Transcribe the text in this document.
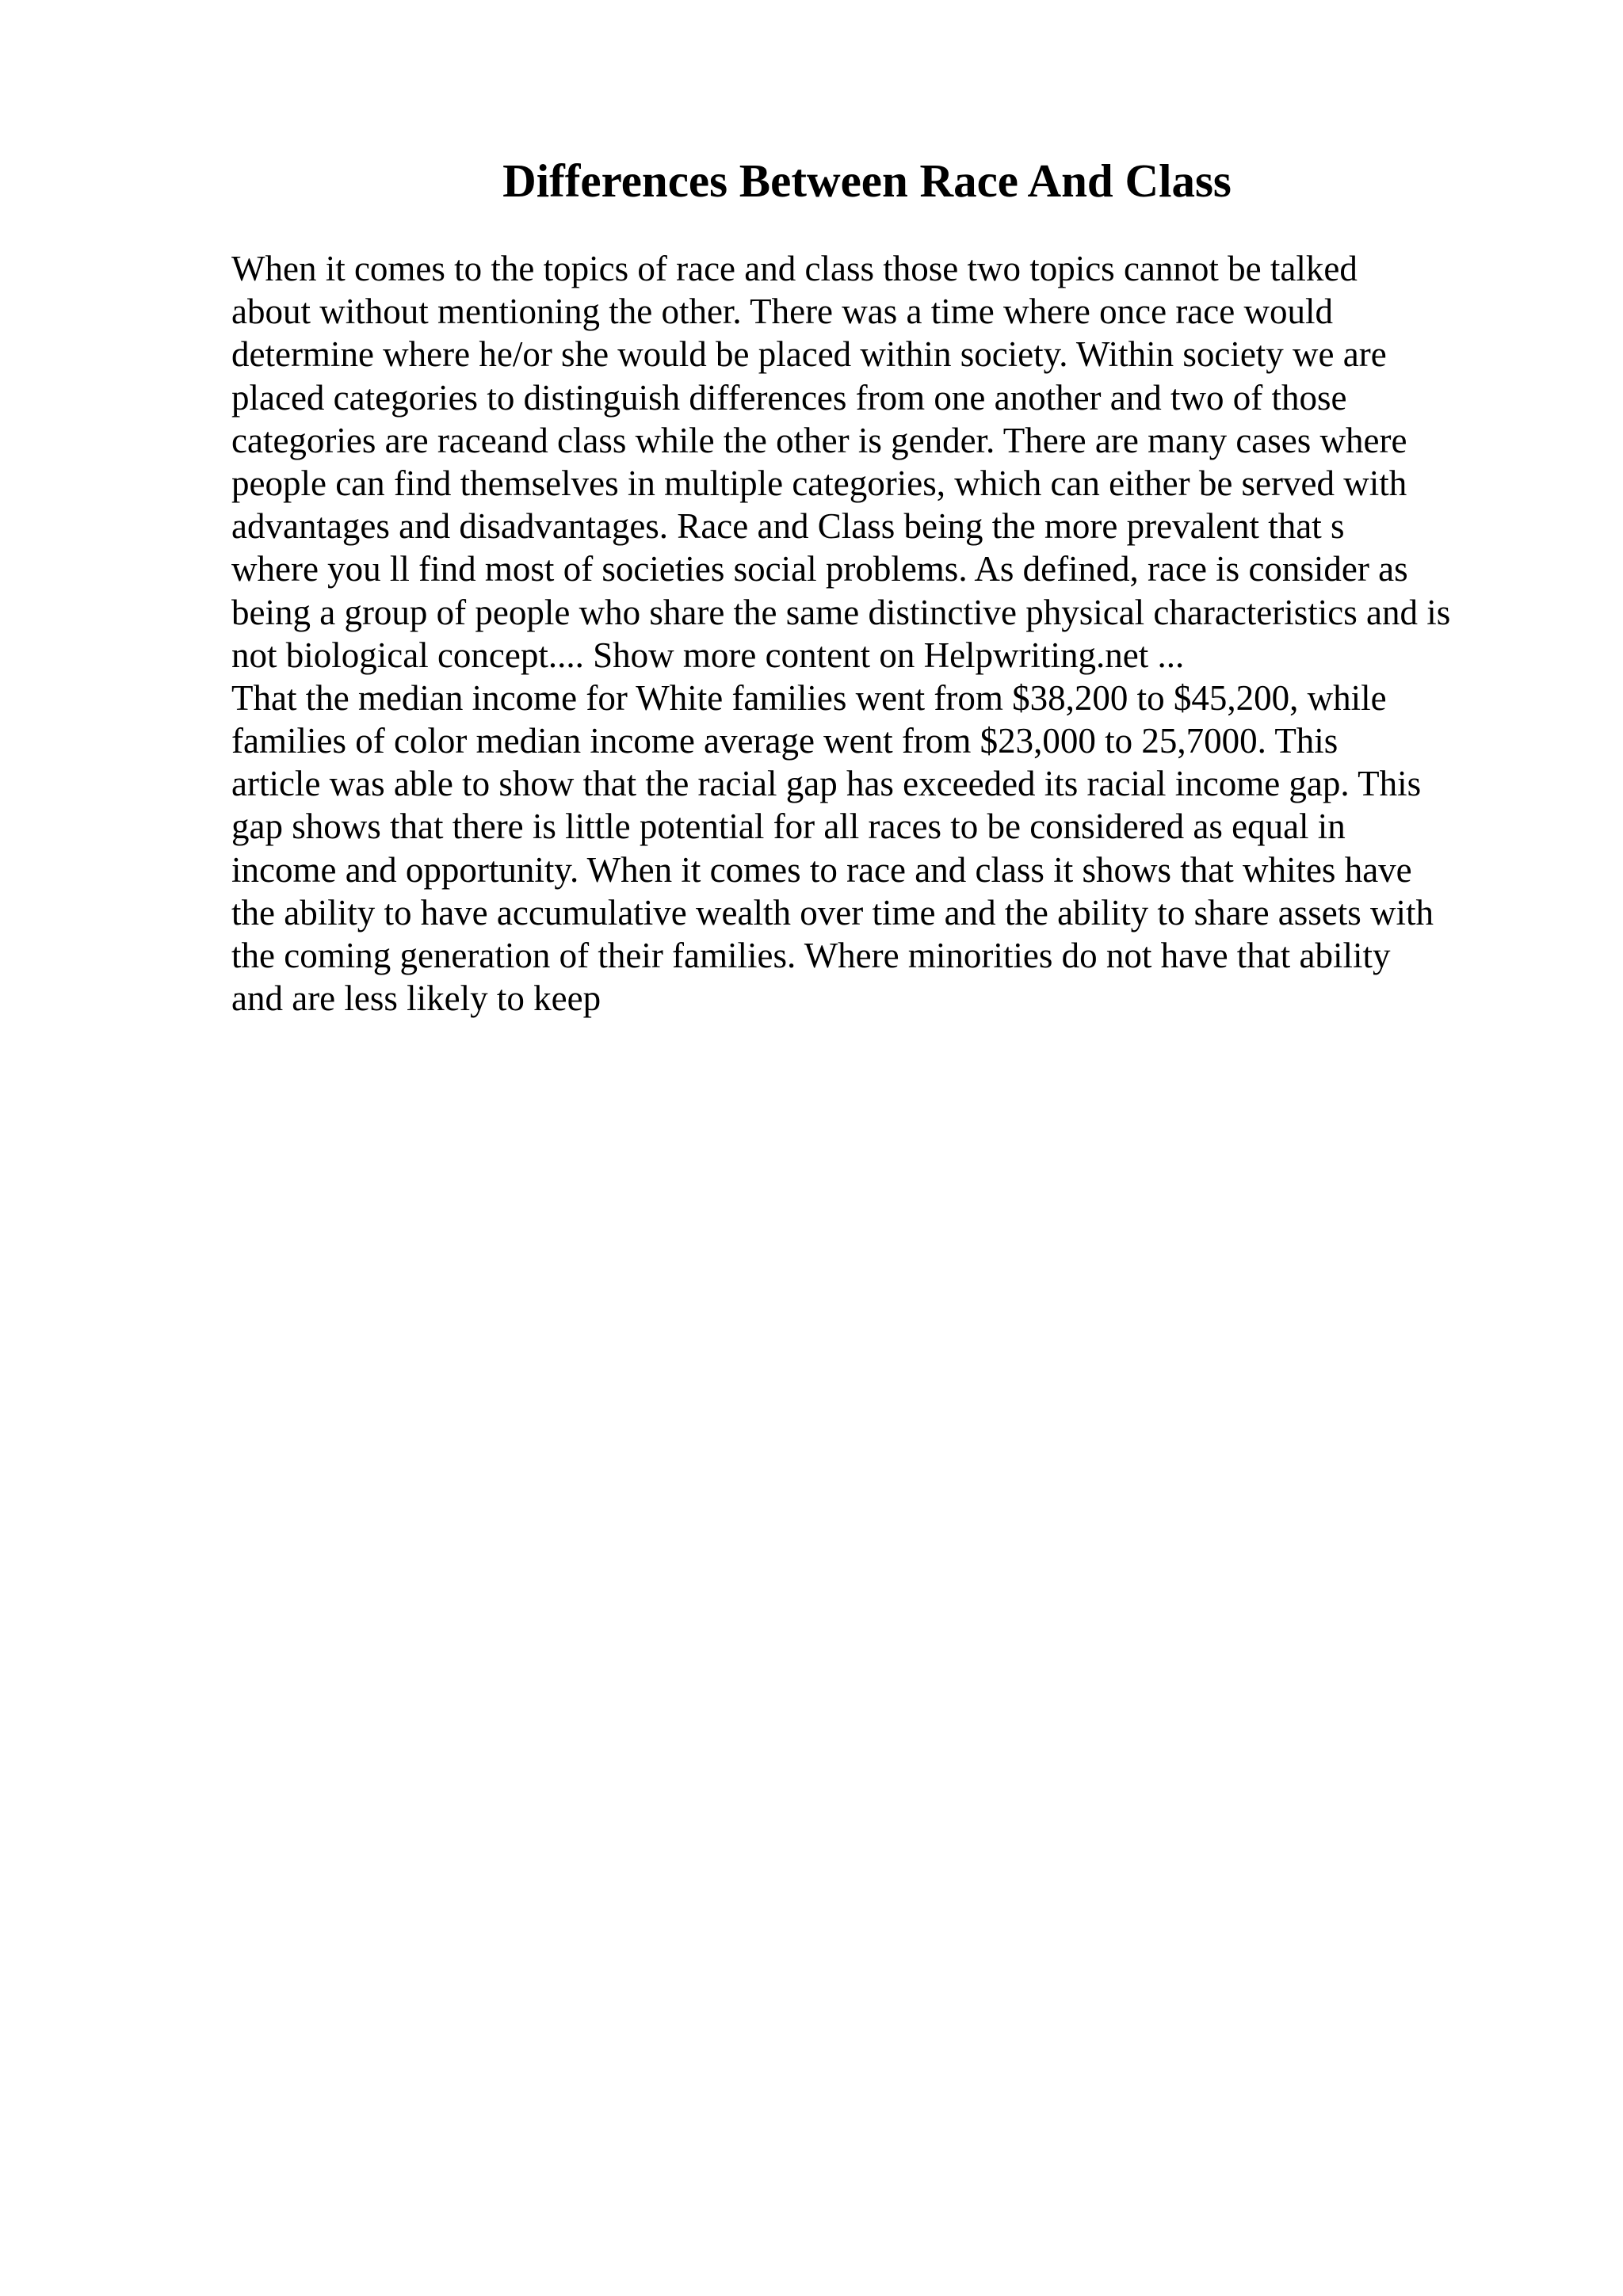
Differences Between Race And Class
When it comes to the topics of race and class those two topics cannot be talked
about without mentioning the other. There was a time where once race would
determine where he/or she would be placed within society. Within society we are
placed categories to distinguish differences from one another and two of those
categories are raceand class while the other is gender. There are many cases where
people can find themselves in multiple categories, which can either be served with
advantages and disadvantages. Race and Class being the more prevalent that s
where you ll find most of societies social problems. As defined, race is consider as
being a group of people who share the same distinctive physical characteristics and is
not biological concept.... Show more content on Helpwriting.net ...
That the median income for White families went from $38,200 to $45,200, while
families of color median income average went from $23,000 to 25,7000. This
article was able to show that the racial gap has exceeded its racial income gap. This
gap shows that there is little potential for all races to be considered as equal in
income and opportunity. When it comes to race and class it shows that whites have
the ability to have accumulative wealth over time and the ability to share assets with
the coming generation of their families. Where minorities do not have that ability
and are less likely to keep
